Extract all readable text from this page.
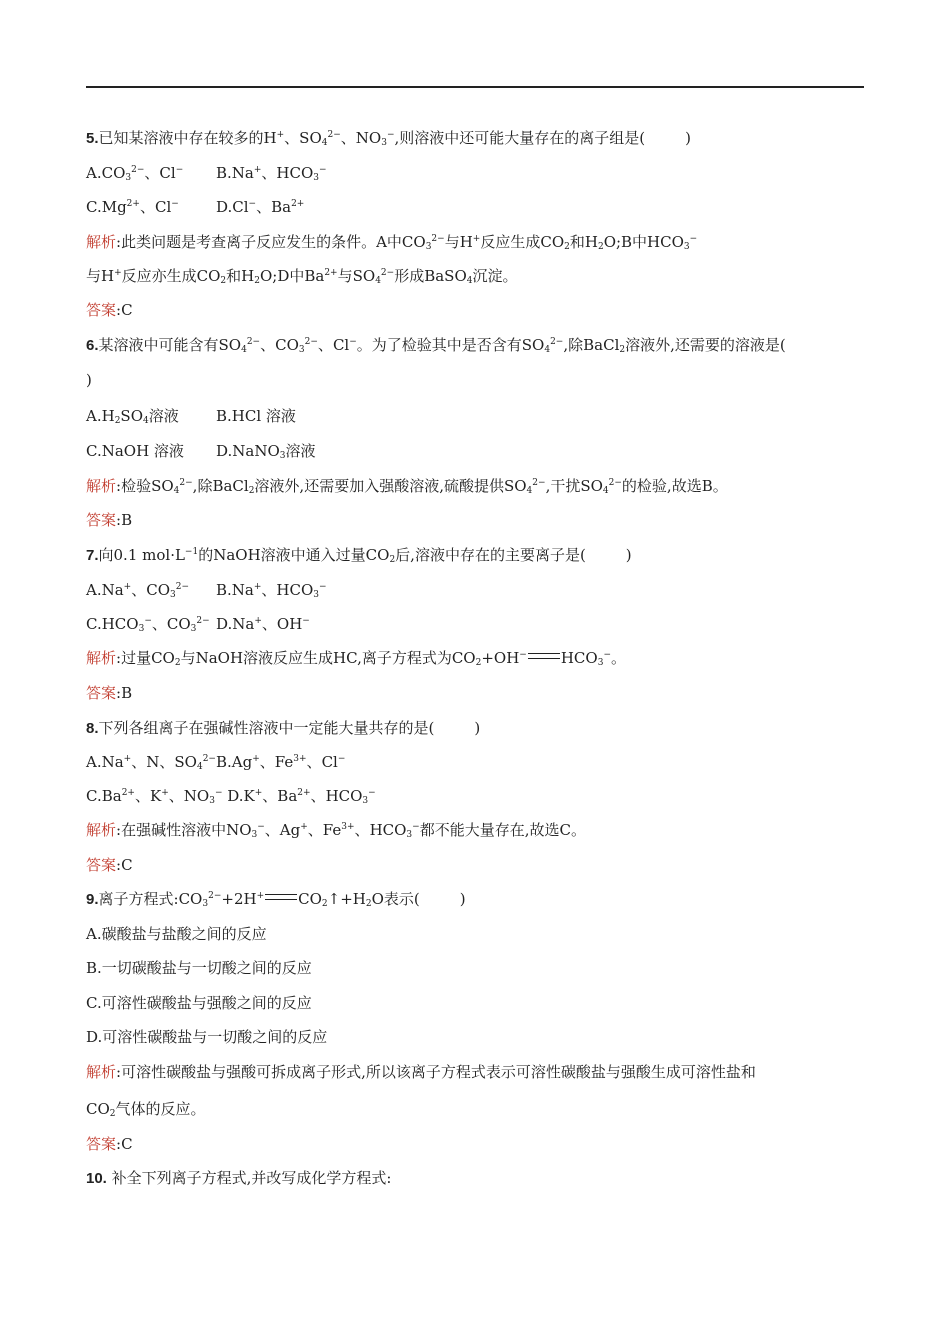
5.已知某溶液中存在较多的H+、$SO_4^{2-}$、$NO_3^-$,则溶液中还可能大量存在的离子组是(	)
$A.CO_3^{2-}$、Cl− B.Na+、$HCO_3^-$
$C.Mg^{2+}$、Cl− D.Cl−、$Ba^{2+}$
解析:此类问题是考查离子反应发生的条件。A中$CO_3^{2-}$与H+反应生成$CO_2$和$H_2O;B$中$HCO_3^-$
与H+反应亦生成$CO_2$和$H_2O;D$中$Ba^{2+}$与$SO_4^{2-}$形成BaSO$_4$沉淀。
答案:C
6.某溶液中可能含有$SO_4^{2-}$、$CO_3^{2-}$、Cl−。为了检验其中是否含有$SO_4^{2-}$,除BaCl$_2$溶液外,还需要的溶液是(
)
$A.H_2SO_4$溶液 B.HCl 溶液
C.NaOH 溶液 D.NaNO$_3$溶液
解析:检验$SO_4^{2-}$,除BaCl$_2$溶液外,还需要加入强酸溶液,硫酸提供$SO_4^{2-}$,干扰$SO_4^{2-}$的检验,故选B。
答案:B
7.向0.1 $mol\cdot L^{-1}$的NaOH溶液中通入过量$CO_2$后,溶液中存在的主要离子是(	)
A.Na+、$CO_3^{2-}$ B.Na+、$HCO_3^-$
$C.HCO_3^-$、$CO_3^{2-}$ D.Na+、OH−
解析:过量$CO_2$与NaOH溶液反应生成HC,离子方程式为$CO_2+OH^-$ $HCO_3^-$。
答案:B
8.下列各组离子在强碱性溶液中一定能大量共存的是(	)
A.Na+、N、$SO_4^{2-}$ B.Ag+、$Fe^{3+}$、Cl−
$C.Ba^{2+}$、K+、$NO_3^-$ D.K+、$Ba^{2+}$、$HCO_3^-$
解析:在强碱性溶液中$NO_3^-$、Ag+、$Fe^{3+}$、$HCO_3^-$都不能大量存在,故选C。
答案:C
9.离子方程式$:CO_3^{2-}+2H^+$ $CO_2↑+H_2O$表示(	)
A.碳酸盐与盐酸之间的反应
B.一切碳酸盐与一切酸之间的反应
C.可溶性碳酸盐与强酸之间的反应
D.可溶性碳酸盐与一切酸之间的反应
解析:可溶性碳酸盐与强酸可拆成离子形式,所以该离子方程式表示可溶性碳酸盐与强酸生成可溶性盐和
$CO_2$气体的反应。
答案:C
10. 补全下列离子方程式,并改写成化学方程式:
